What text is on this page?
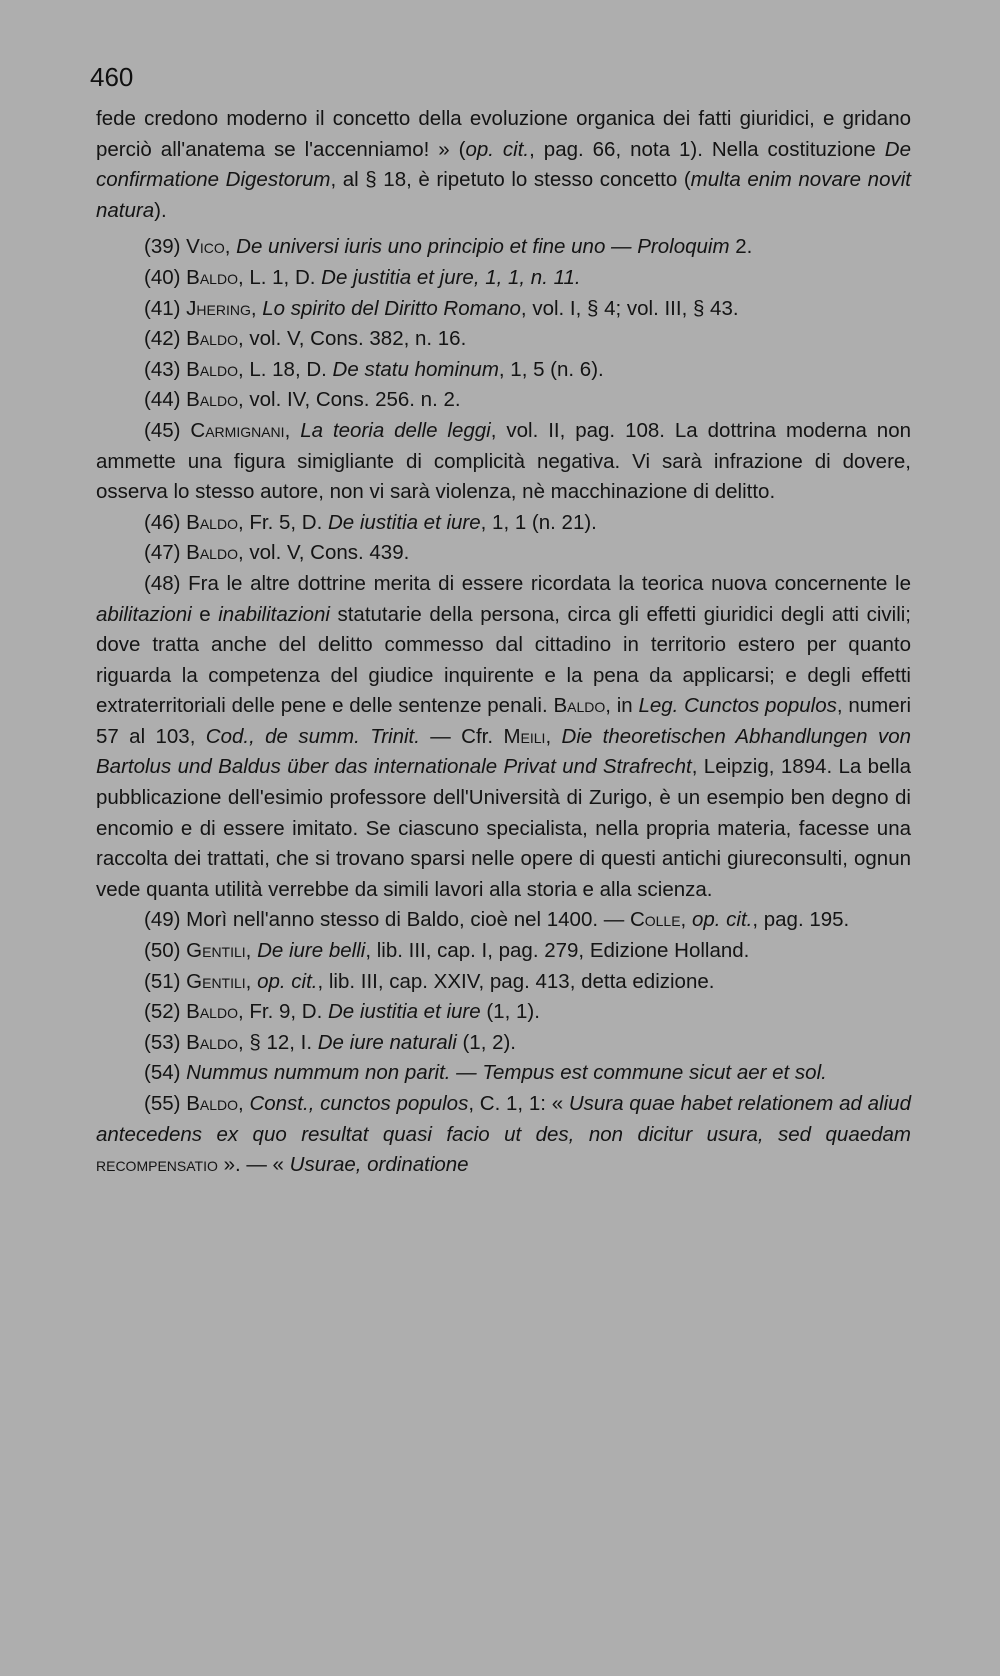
460

fede credono moderno il concetto della evoluzione organica dei fatti giuridici, e gridano perciò all'anatema se l'accenniamo! » (op. cit., pag. 66, nota 1). Nella costituzione De confirmatione Digestorum, al § 18, è ripetuto lo stesso concetto (multa enim novare novit natura).

(39) Vico, De universi iuris uno principio et fine uno — Proloquim 2.

(40) Baldo, L. 1, D. De justitia et jure, 1, 1, n. 11.

(41) Jhering, Lo spirito del Diritto Romano, vol. I, § 4; vol. III, § 43.

(42) Baldo, vol. V, Cons. 382, n. 16.

(43) Baldo, L. 18, D. De statu hominum, 1, 5 (n. 6).

(44) Baldo, vol. IV, Cons. 256. n. 2.

(45) Carmignani, La teoria delle leggi, vol. II, pag. 108. La dottrina moderna non ammette una figura simigliante di complicità negativa. Vi sarà infrazione di dovere, osserva lo stesso autore, non vi sarà violenza, nè macchinazione di delitto.

(46) Baldo, Fr. 5, D. De iustitia et iure, 1, 1 (n. 21).

(47) Baldo, vol. V, Cons. 439.

(48) Fra le altre dottrine merita di essere ricordata la teorica nuova concernente le abilitazioni e inabilitazioni statutarie della persona, circa gli effetti giuridici degli atti civili; dove tratta anche del delitto commesso dal cittadino in territorio estero per quanto riguarda la competenza del giudice inquirente e la pena da applicarsi; e degli effetti extraterritoriali delle pene e delle sentenze penali. Baldo, in Leg. Cunctos populos, numeri 57 al 103, Cod., de summ. Trinit. — Cfr. Meili, Die theoretischen Abhandlungen von Bartolus und Baldus über das internationale Privat und Strafrecht, Leipzig, 1894. La bella pubblicazione dell'esimio professore dell'Università di Zurigo, è un esempio ben degno di encomio e di essere imitato. Se ciascuno specialista, nella propria materia, facesse una raccolta dei trattati, che si trovano sparsi nelle opere di questi antichi giureconsulti, ognun vede quanta utilità verrebbe da simili lavori alla storia e alla scienza.

(49) Morì nell'anno stesso di Baldo, cioè nel 1400. — Colle, op. cit., pag. 195.

(50) Gentili, De iure belli, lib. III, cap. I, pag. 279, Edizione Holland.

(51) Gentili, op. cit., lib. III, cap. XXIV, pag. 413, detta edizione.

(52) Baldo, Fr. 9, D. De iustitia et iure (1, 1).

(53) Baldo, § 12, I. De iure naturali (1, 2).

(54) Nummus nummum non parit. — Tempus est commune sicut aer et sol.

(55) Baldo, Const., cunctos populos, C. 1, 1: « Usura quae habet relationem ad aliud antecedens ex quo resultat quasi facio ut des, non dicitur usura, sed quaedam recompensatio ». — « Usurae, ordinatione
